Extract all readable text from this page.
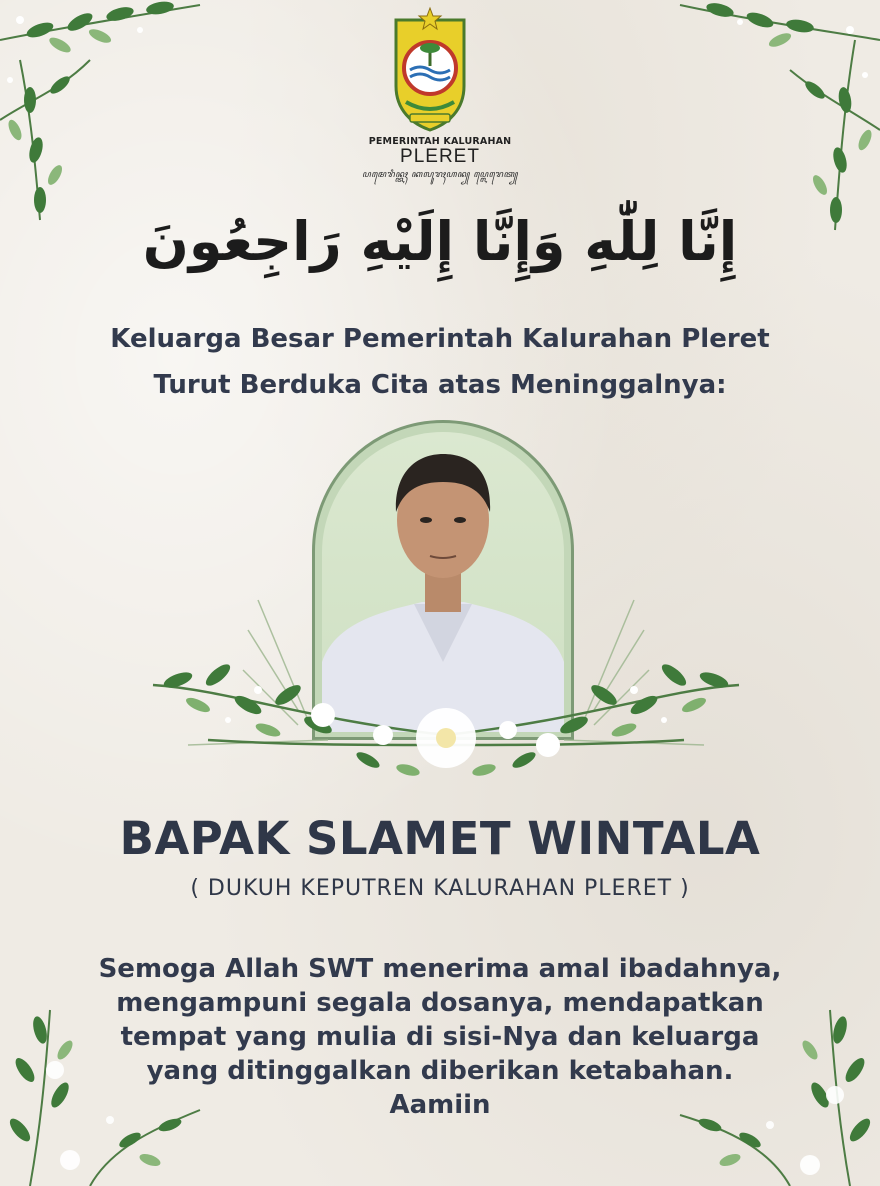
PEMERINTAH KALURAHAN
PLERET
ꦥꦩꦺꦫꦶꦤ꧀ꦠꦃ ꦏꦭꦸꦫꦃꦲꦤ꧀ ꦥ꧀ꦭꦺꦫꦺꦠ꧀
إِنَّا لِلّٰهِ وَإِنَّا إِلَيْهِ رَاجِعُونَ
Keluarga Besar Pemerintah Kalurahan Pleret
Turut Berduka Cita atas Meninggalnya:
BAPAK SLAMET WINTALA
( DUKUH KEPUTREN KALURAHAN PLERET )
Semoga Allah SWT menerima amal ibadahnya,
mengampuni segala dosanya, mendapatkan
tempat yang mulia di sisi-Nya dan keluarga
yang ditinggalkan diberikan ketabahan.
Aamiin
